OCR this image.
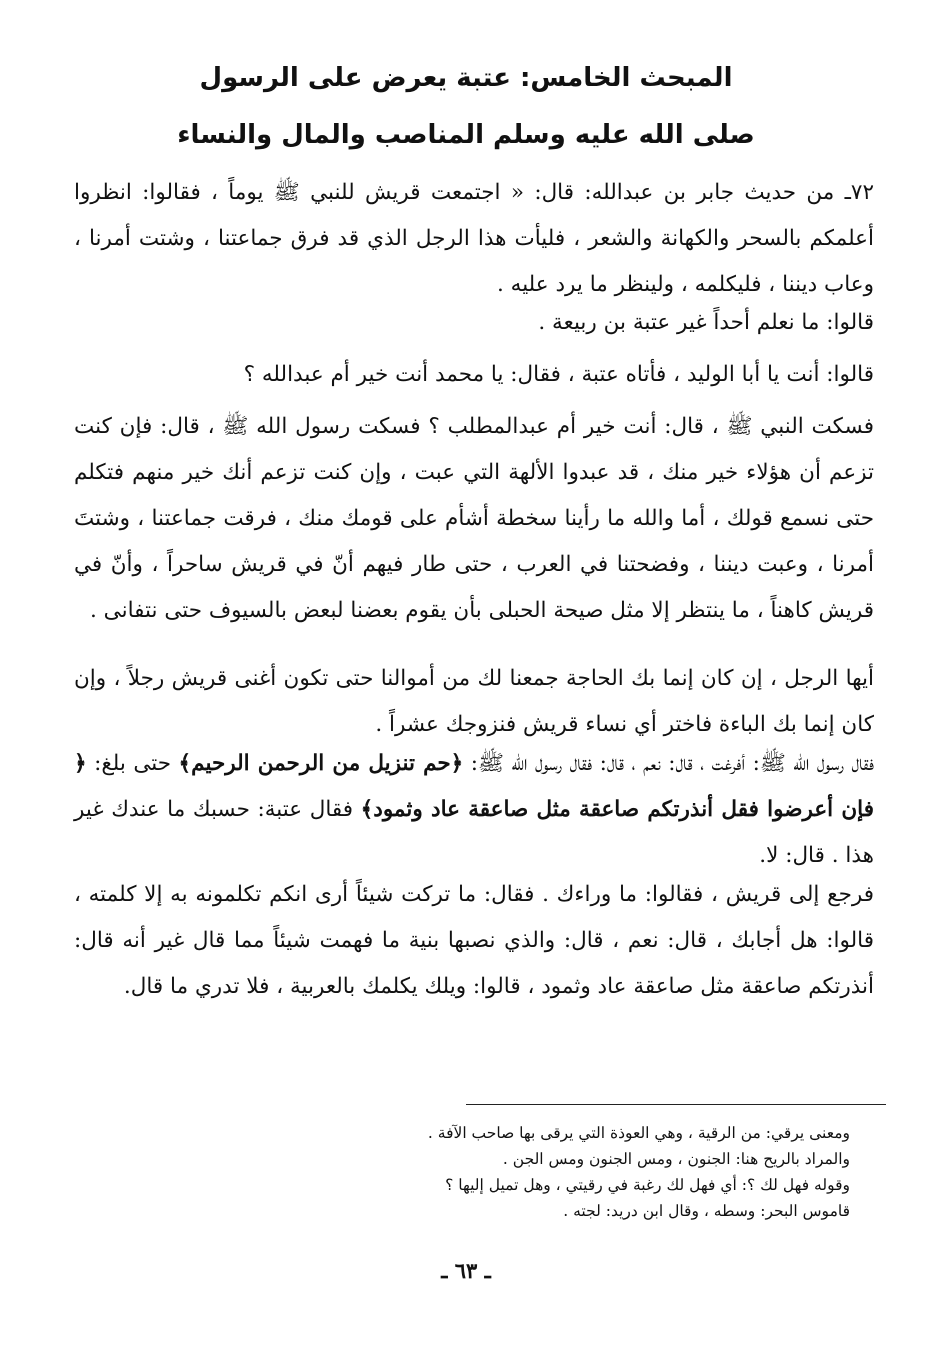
المبحث الخامس: عتبة يعرض على الرسول
صلى الله عليه وسلم المناصب والمال والنساء

٧٢ـ من حديث جابر بن عبدالله: قال: « اجتمعت قريش للنبي ﷺ يوماً ، فقالوا: انظروا أعلمكم بالسحر والكهانة والشعر ، فليأت هذا الرجل الذي قد فرق جماعتنا ، وشتت أمرنا ، وعاب ديننا ، فليكلمه ، ولينظر ما يرد عليه .

قالوا: ما نعلم أحداً غير عتبة بن ربيعة .

قالوا: أنت يا أبا الوليد ، فأتاه عتبة ، فقال: يا محمد أنت خير أم عبدالله ؟

فسكت النبي ﷺ ، قال: أنت خير أم عبدالمطلب ؟ فسكت رسول الله ﷺ ، قال: فإن كنت تزعم أن هؤلاء خير منك ، قد عبدوا الألهة التي عبت ، وإن كنت تزعم أنك خير منهم فتكلم حتى نسمع قولك ، أما والله ما رأينا سخطة أشأم على قومك منك ، فرقت جماعتنا ، وشتتَ أمرنا ، وعبت ديننا ، وفضحتنا في العرب ، حتى طار فيهم أنّ في قريش ساحراً ، وأنّ في قريش كاهناً ، ما ينتظر إلا مثل صيحة الحبلى بأن يقوم بعضنا لبعض بالسيوف حتى نتفانى .

أيها الرجل ، إن كان إنما بك الحاجة جمعنا لك من أموالنا حتى تكون أغنى قريش رجلاً ، وإن كان إنما بك الباءة فاختر أي نساء قريش فنزوجك عشراً .

فقال رسول الله ﷺ: أفرغت ، قال: نعم ، قال: فقال رسول الله ﷺ: ﴿حم تنزيل من الرحمن الرحيم﴾ حتى بلغ: ﴿ فإن أعرضوا فقل أنذرتكم صاعقة مثل صاعقة عاد وثمود﴾ فقال عتبة: حسبك ما عندك غير هذا . قال: لا.

فرجع إلى قريش ، فقالوا: ما وراءك . فقال: ما تركت شيئاً أرى انكم تكلمونه به إلا كلمته ، قالوا: هل أجابك ، قال: نعم ، قال: والذي نصبها بنية ما فهمت شيئاً مما قال غير أنه قال: أنذرتكم صاعقة مثل صاعقة عاد وثمود ، قالوا: ويلك يكلمك بالعربية ، فلا تدري ما قال.

ومعنى يرقي: من الرقية ، وهي العوذة التي يرقى بها صاحب الآفة .
والمراد بالريح هنا: الجنون ، ومس الجنون ومس الجن .
وقوله فهل لك ؟: أي فهل لك رغبة في رقيتي ، وهل تميل إليها ؟
قاموس البحر: وسطه ، وقال ابن دريد: لجته .
ـ ٦٣ ـ
